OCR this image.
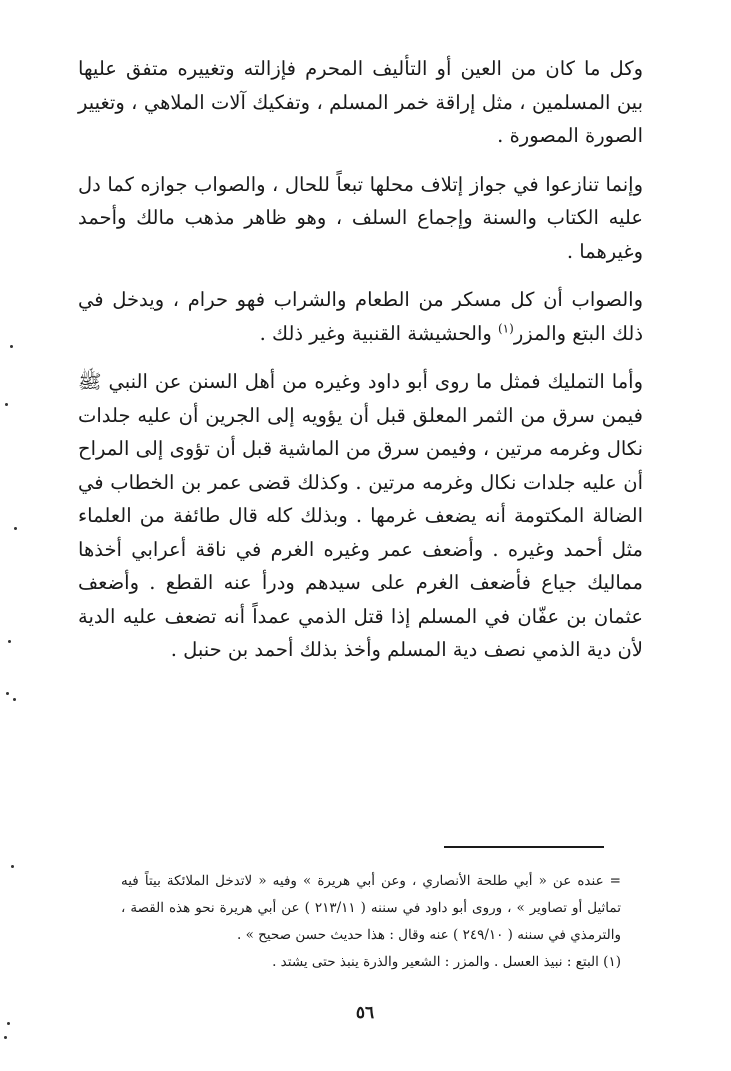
وكل ما كان من العين أو التأليف المحرم فإزالته وتغييره متفق عليها بين المسلمين ، مثل إراقة خمر المسلم ، وتفكيك آلات الملاهي ، وتغيير الصورة المصورة .

وإنما تنازعوا في جواز إتلاف محلها تبعاً للحال ، والصواب جوازه كما دل عليه الكتاب والسنة وإجماع السلف ، وهو ظاهر مذهب مالك وأحمد وغيرهما .

والصواب أن كل مسكر من الطعام والشراب فهو حرام ، ويدخل في ذلك البتع والمزر$^{(١)}$ والحشيشة القنبية وغير ذلك .

وأما التمليك فمثل ما روى أبو داود وغيره من أهل السنن عن النبي ﷺ فيمن سرق من الثمر المعلق قبل أن يؤويه إلى الجرين أن عليه جلدات نكال وغرمه مرتين ، وفيمن سرق من الماشية قبل أن تؤوى إلى المراح أن عليه جلدات نكال وغرمه مرتين . وكذلك قضى عمر بن الخطاب في الضالة المكتومة أنه يضعف غرمها . وبذلك كله قال طائفة من العلماء مثل أحمد وغيره . وأضعف عمر وغيره الغرم في ناقة أعرابي أخذها مماليك جياع فأضعف الغرم على سيدهم ودرأ عنه القطع . وأضعف عثمان بن عفّان في المسلم إذا قتل الذمي عمداً أنه تضعف عليه الدية لأن دية الذمي نصف دية المسلم وأخذ بذلك أحمد بن حنبل .

= عنده عن « أبي طلحة الأنصاري ، وعن أبي هريرة » وفيه « لاتدخل الملائكة بيتاً فيه تماثيل أو تصاوير » ، وروى أبو داود في سننه ( ٢١٣/١١ ) عن أبي هريرة نحو هذه القصة ، والترمذي في سننه ( ٢٤٩/١٠ ) عنه وقال : هذا حديث حسن صحيح » .

(١) البتع : نبيذ العسل . والمزر : الشعير والذرة ينبذ حتى يشتد .

٥٦
